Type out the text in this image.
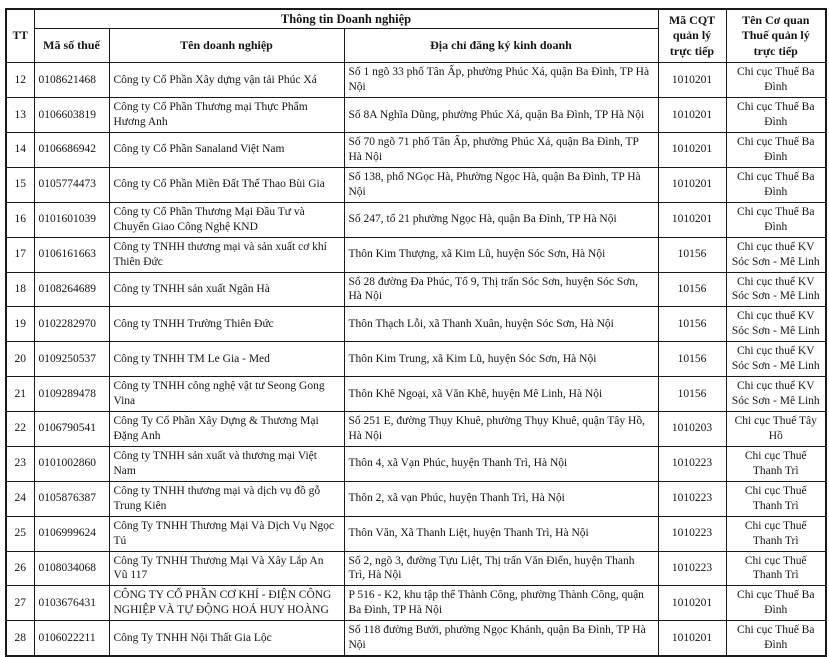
TT	Thông tin Doanh nghiệp			Mã CQT quản lý trực tiếp	Tên Cơ quan Thuế quản lý trực tiếp
	Mã số thuế	Tên doanh nghiệp	Địa chỉ đăng ký kinh doanh		
12	0108621468	Công ty Cổ Phần Xây dựng vận tải Phúc Xá	Số 1 ngõ 33 phố Tân Ấp, phường Phúc Xá, quận Ba Đình, TP Hà Nội	1010201	Chi cục Thuế Ba Đình
13	0106603819	Công ty Cổ Phần Thương mại Thực Phẩm Hương Anh	Số 8A Nghĩa Dũng, phường Phúc Xá, quận Ba Đình, TP Hà Nội	1010201	Chi cục Thuế Ba Đình
14	0106686942	Công ty Cổ Phần Sanaland Việt Nam	Số 70 ngõ 71 phố Tân Ấp, phường Phúc Xá, quận Ba Đình, TP Hà Nội	1010201	Chi cục Thuế Ba Đình
15	0105774473	Công ty Cổ Phần Miền Đất Thể Thao Bùi Gia	Số 138, phố NGọc Hà, Phường Ngọc Hà, quận Ba Đình, TP Hà Nội	1010201	Chi cục Thuế Ba Đình
16	0101601039	Công ty Cổ Phần Thương Mại Đầu Tư và Chuyển Giao Công Nghệ KND	Số 247, tổ 21 phường Ngọc Hà, quận Ba Đình, TP Hà Nội	1010201	Chi cục Thuế Ba Đình
17	0106161663	Công ty TNHH thương mại và sản xuất cơ khí Thiên Đức	Thôn Kim Thượng, xã Kim Lũ, huyện Sóc Sơn, Hà Nội	10156	Chi cục thuế KV Sóc Sơn - Mê Linh
18	0108264689	Công ty TNHH sản xuất Ngân Hà	Số 28 đường Đa Phúc, Tổ 9, Thị trấn Sóc Sơn, huyện Sóc Sơn, Hà Nội	10156	Chi cục thuế KV Sóc Sơn - Mê Linh
19	0102282970	Công ty TNHH Trường Thiên Đức	Thôn Thạch Lỗi, xã Thanh Xuân, huyện Sóc Sơn, Hà Nội	10156	Chi cục thuế KV Sóc Sơn - Mê Linh
20	0109250537	Công ty TNHH TM Le Gia - Med	Thôn Kim Trung, xã Kim Lũ, huyện Sóc Sơn, Hà Nội	10156	Chi cục thuế KV Sóc Sơn - Mê Linh
21	0109289478	Công ty TNHH công nghệ vật tư Seong Gong Vina	Thôn Khê Ngoại, xã Văn Khê, huyện Mê Linh, Hà Nội	10156	Chi cục thuế KV Sóc Sơn - Mê Linh
22	0106790541	Công Ty Cổ Phần Xây Dựng & Thương Mại Đặng Anh	Số 251 E, đường Thụy Khuê, phường Thụy Khuê, quận Tây Hồ, Hà Nội	1010203	Chi cục Thuế Tây Hồ
23	0101002860	Công ty TNHH sản xuất và thương mại Việt Nam	Thôn 4, xã Vạn Phúc, huyện Thanh Trì, Hà Nội	1010223	Chi cục Thuế Thanh Trì
24	0105876387	Công ty TNHH thương mại và dịch vụ đồ gỗ Trung Kiên	Thôn 2, xã vạn Phúc, huyện Thanh Trì, Hà Nội	1010223	Chi cục Thuế Thanh Trì
25	0106999624	Công Ty TNHH Thương Mại Và Dịch Vụ Ngọc Tú	Thôn Văn, Xã Thanh Liệt, huyện Thanh Trì, Hà Nội	1010223	Chi cục Thuế Thanh Trì
26	0108034068	Công Ty TNHH Thương Mại Và Xây Lắp An Vũ 117	Số 2, ngõ 3, đường Tựu Liệt, Thị trấn Văn Điển, huyện Thanh Trì, Hà Nội	1010223	Chi cục Thuế Thanh Trì
27	0103676431	CÔNG TY CỔ PHẦN CƠ KHÍ - ĐIỆN CÔNG NGHIỆP VÀ TỰ ĐỘNG HOÁ HUY HOÀNG	P 516 - K2, khu tập thể Thành Công, phường Thành Công, quận Ba Đình, TP Hà Nội	1010201	Chi cục Thuế Ba Đình
28	0106022211	Công Ty TNHH Nội Thất Gia Lộc	Số 118 đường Bưởi, phường Ngọc Khánh, quận Ba Đình, TP Hà Nội	1010201	Chi cục Thuế Ba Đình
